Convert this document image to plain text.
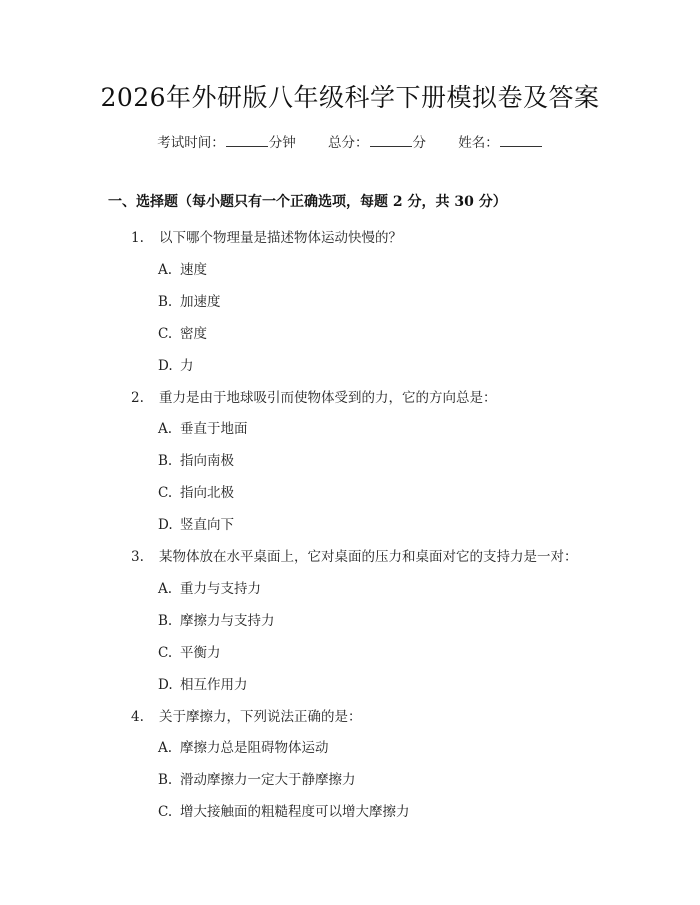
2026年外研版八年级科学下册模拟卷及答案
考试时间：	分钟 总分：	分 姓名：
一、选择题（每小题只有一个正确选项，每题 2 分，共 30 分）
1. 以下哪个物理量是描述物体运动快慢的？
A. 速度
B. 加速度
C. 密度
D. 力
2. 重力是由于地球吸引而使物体受到的力，它的方向总是：
A. 垂直于地面
B. 指向南极
C. 指向北极
D. 竖直向下
3. 某物体放在水平桌面上，它对桌面的压力和桌面对它的支持力是一对：
A. 重力与支持力
B. 摩擦力与支持力
C. 平衡力
D. 相互作用力
4. 关于摩擦力，下列说法正确的是：
A. 摩擦力总是阻碍物体运动
B. 滑动摩擦力一定大于静摩擦力
C. 增大接触面的粗糙程度可以增大摩擦力
